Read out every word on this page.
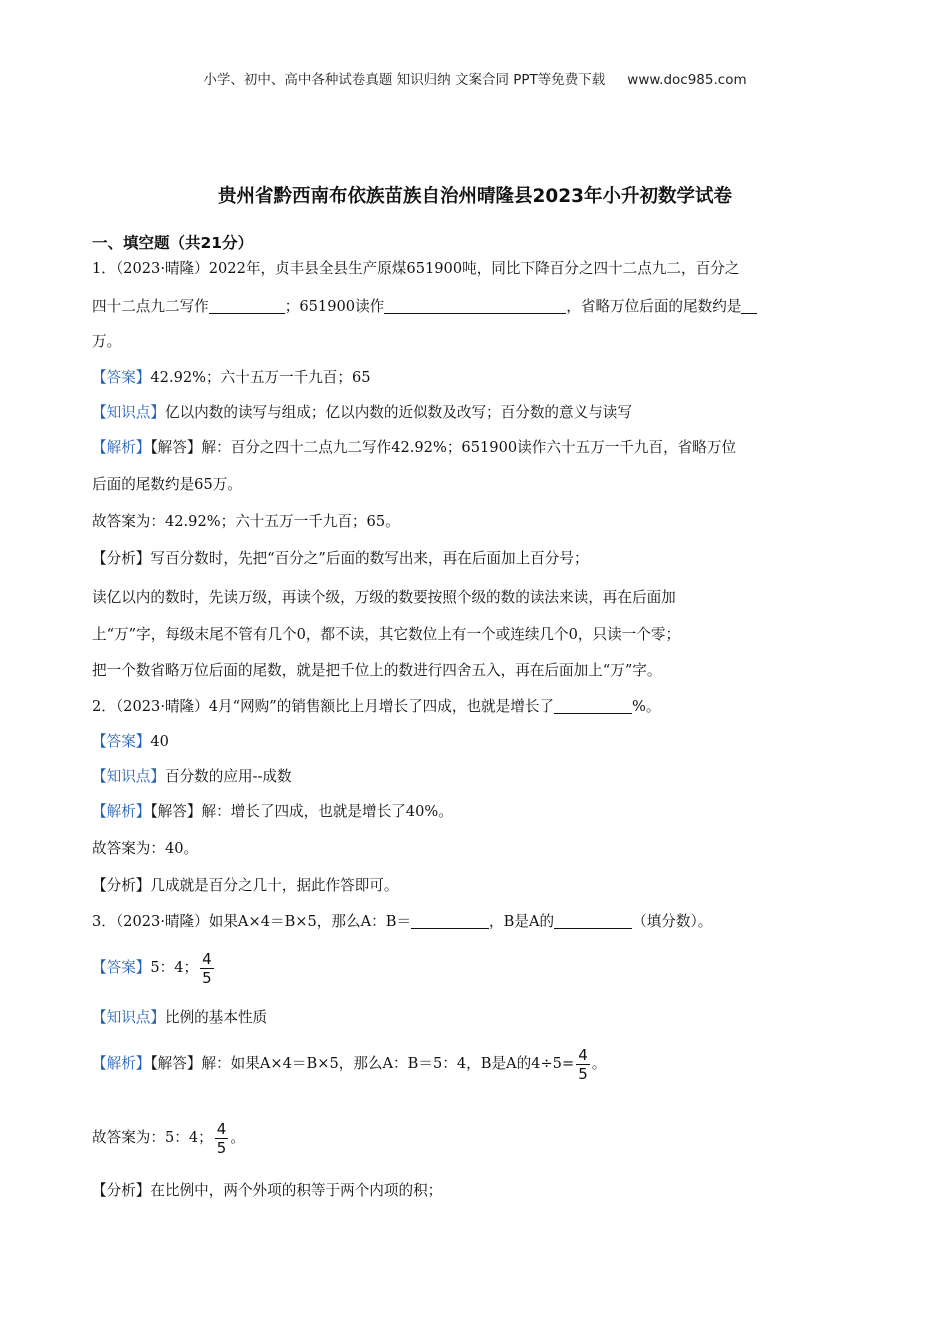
小学、初中、高中各种试卷真题 知识归纳 文案合同 PPT等免费下载 www.doc985.com
贵州省黔西南布依族苗族自治州晴隆县2023年小升初数学试卷
一、填空题（共21分）
1．（2023·晴隆）2022年，贞丰县全县生产原煤651900吨，同比下降百分之四十二点九二，百分之
四十二点九二写作	；651900读作	，省略万位后面的尾数约是
万。
【答案】42.92%；六十五万一千九百；65
【知识点】亿以内数的读写与组成；亿以内数的近似数及改写；百分数的意义与读写
【解析】【解答】解：百分之四十二点九二写作42.92%；651900读作六十五万一千九百，省略万位
后面的尾数约是65万。
故答案为：42.92%；六十五万一千九百；65。
【分析】写百分数时，先把“百分之”后面的数写出来，再在后面加上百分号；
读亿以内的数时，先读万级，再读个级，万级的数要按照个级的数的读法来读，再在后面加
上“万”字，每级末尾不管有几个0，都不读，其它数位上有一个或连续几个0，只读一个零；
把一个数省略万位后面的尾数，就是把千位上的数进行四舍五入，再在后面加上“万”字。
2．（2023·晴隆）4月“网购”的销售额比上月增长了四成，也就是增长了	%。
【答案】40
【知识点】百分数的应用--成数
【解析】【解答】解：增长了四成，也就是增长了40%。
故答案为：40。
【分析】几成就是百分之几十，据此作答即可。
3．（2023·晴隆）如果A×4＝B×5，那么A：B＝	，B是A的	（填分数）。
【答案】5：4； $\frac{4}{5}$
【知识点】比例的基本性质
【解析】【解答】解：如果A×4＝B×5，那么A：B＝5：4，B是A的$4\div 5= \frac{4}{5}$ 。
故答案为：5：4； $\frac{4}{5}$ 。
【分析】在比例中，两个外项的积等于两个内项的积；
